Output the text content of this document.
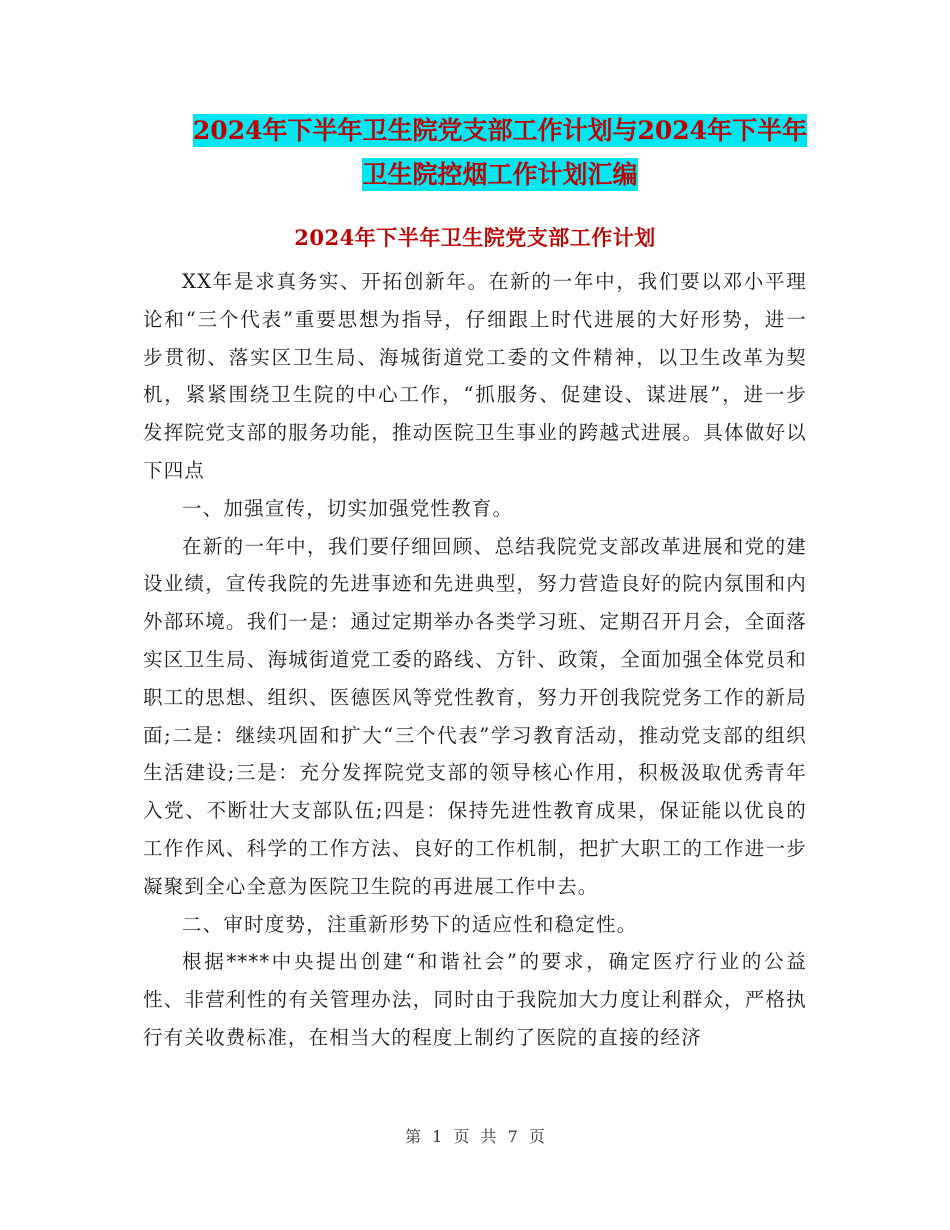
2024年下半年卫生院党支部工作计划与2024年下半年
卫生院控烟工作计划汇编
2024年下半年卫生院党支部工作计划

XX年是求真务实、开拓创新年。在新的一年中，我们要以邓小平理论和“三个代表”重要思想为指导，仔细跟上时代进展的大好形势，进一步贯彻、落实区卫生局、海城街道党工委的文件精神，以卫生改革为契机，紧紧围绕卫生院的中心工作，“抓服务、促建设、谋进展”，进一步发挥院党支部的服务功能，推动医院卫生事业的跨越式进展。具体做好以下四点

一、加强宣传，切实加强党性教育。

在新的一年中，我们要仔细回顾、总结我院党支部改革进展和党的建设业绩，宣传我院的先进事迹和先进典型，努力营造良好的院内氛围和内外部环境。我们一是：通过定期举办各类学习班、定期召开月会，全面落实区卫生局、海城街道党工委的路线、方针、政策，全面加强全体党员和职工的思想、组织、医德医风等党性教育，努力开创我院党务工作的新局面;二是：继续巩固和扩大“三个代表”学习教育活动，推动党支部的组织生活建设;三是：充分发挥院党支部的领导核心作用，积极汲取优秀青年入党、不断壮大支部队伍;四是：保持先进性教育成果，保证能以优良的工作作风、科学的工作方法、良好的工作机制，把扩大职工的工作进一步凝聚到全心全意为医院卫生院的再进展工作中去。

二、审时度势，注重新形势下的适应性和稳定性。

根据****中央提出创建“和谐社会”的要求，确定医疗行业的公益性、非营利性的有关管理办法，同时由于我院加大力度让利群众，严格执行有关收费标准，在相当大的程度上制约了医院的直接的经济

第 1 页 共 7 页
